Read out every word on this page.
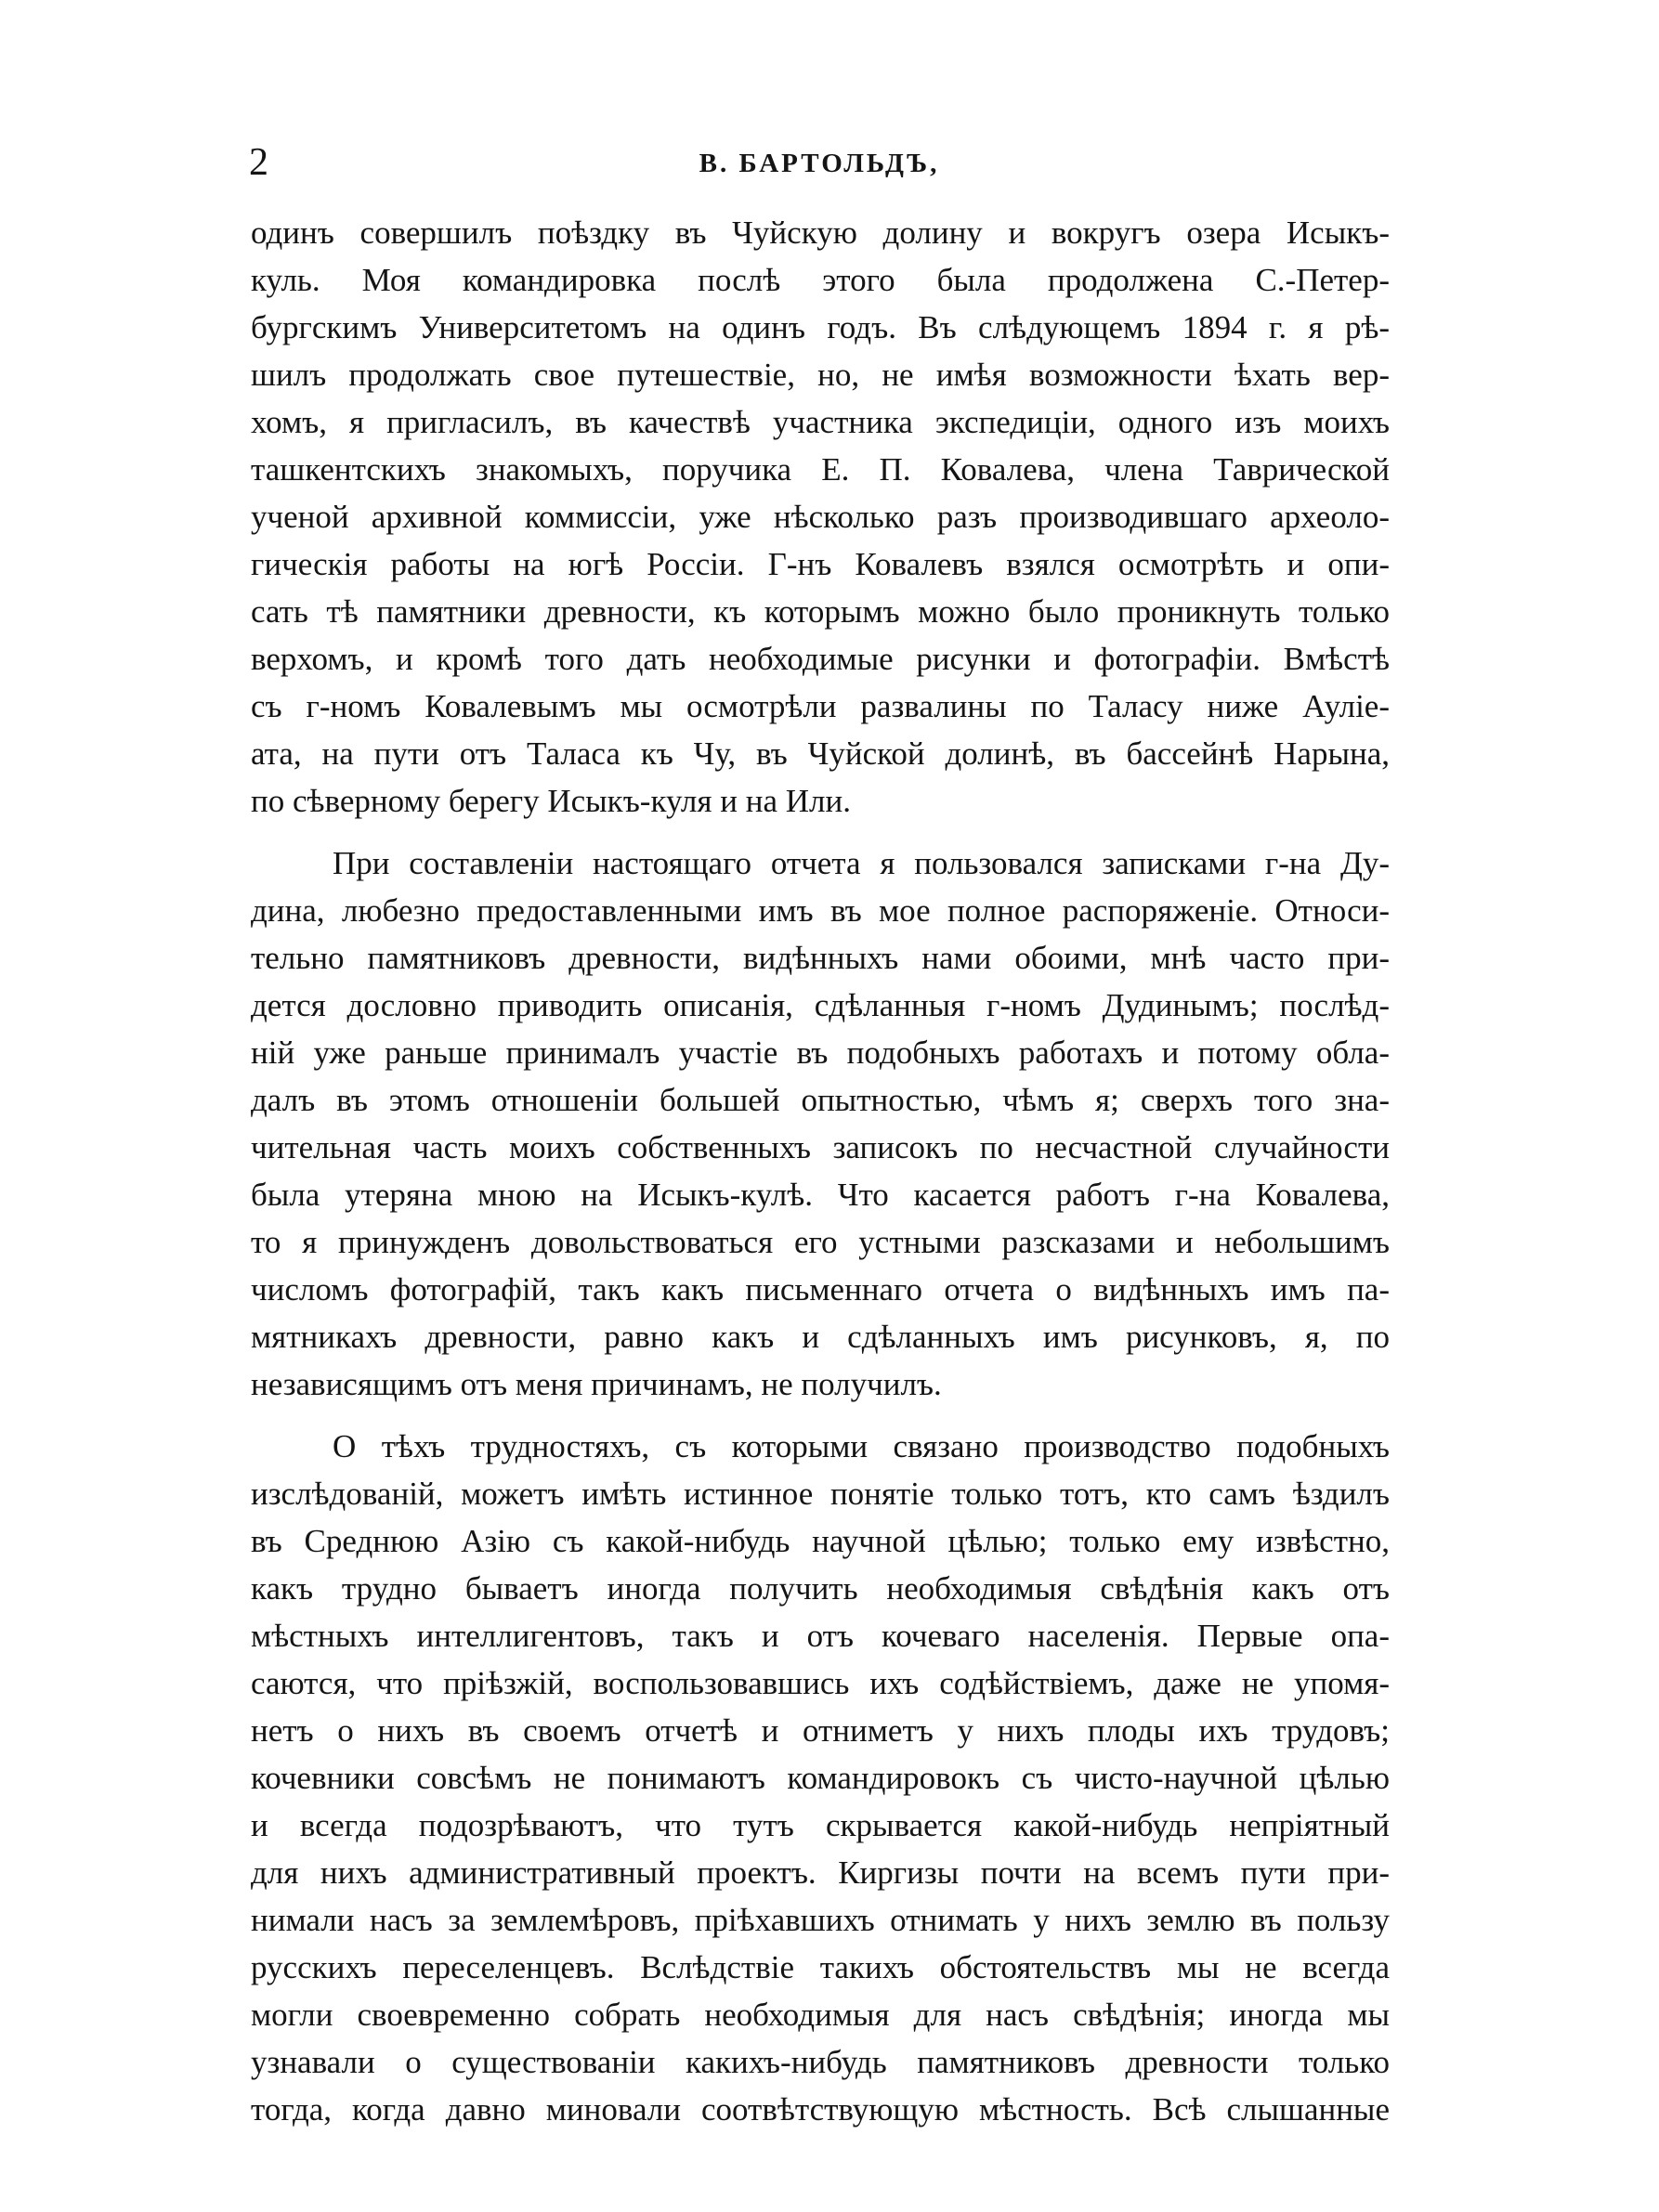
2	В. БАРТОЛЬДЪ,
одинъ совершилъ поѣздку въ Чуйскую долину и вокругъ озера Исыкъ-
куль. Моя командировка послѣ этого была продолжена С.-Петер-
бургскимъ Университетомъ на одинъ годъ. Въ слѣдующемъ 1894 г. я рѣ-
шилъ продолжать свое путешествіе, но, не имѣя возможности ѣхать вер-
хомъ, я пригласилъ, въ качествѣ участника экспедиціи, одного изъ моихъ
ташкентскихъ знакомыхъ, поручика Е. П. Ковалева, члена Таврической
ученой архивной коммиссіи, уже нѣсколько разъ производившаго археоло-
гическія работы на югѣ Россіи. Г-нъ Ковалевъ взялся осмотрѣть и опи-
сать тѣ памятники древности, къ которымъ можно было проникнуть только
верхомъ, и кромѣ того дать необходимые рисунки и фотографіи. Вмѣстѣ
съ г-номъ Ковалевымъ мы осмотрѣли развалины по Таласу ниже Ауліе-
ата, на пути отъ Таласа къ Чу, въ Чуйской долинѣ, въ бассейнѣ Нарына,
по сѣверному берегу Исыкъ-куля и на Или.
При составленіи настоящаго отчета я пользовался записками г-на Ду-
дина, любезно предоставленными имъ въ мое полное распоряженіе. Относи-
тельно памятниковъ древности, видѣнныхъ нами обоими, мнѣ часто при-
дется дословно приводить описанія, сдѣланныя г-номъ Дудинымъ; послѣд-
ній уже раньше принималъ участіе въ подобныхъ работахъ и потому обла-
далъ въ этомъ отношеніи большей опытностью, чѣмъ я; сверхъ того зна-
чительная часть моихъ собственныхъ записокъ по несчастной случайности
была утеряна мною на Исыкъ-кулѣ. Что касается работъ г-на Ковалева,
то я принужденъ довольствоваться его устными разсказами и небольшимъ
числомъ фотографій, такъ какъ письменнаго отчета о видѣнныхъ имъ па-
мятникахъ древности, равно какъ и сдѣланныхъ имъ рисунковъ, я, по
независящимъ отъ меня причинамъ, не получилъ.
О тѣхъ трудностяхъ, съ которыми связано производство подобныхъ
изслѣдованій, можетъ имѣть истинное понятіе только тотъ, кто самъ ѣздилъ
въ Среднюю Азію съ какой-нибудь научной цѣлью; только ему извѣстно,
какъ трудно бываетъ иногда получить необходимыя свѣдѣнія какъ отъ
мѣстныхъ интеллигентовъ, такъ и отъ кочеваго населенія. Первые опа-
саются, что пріѣзжій, воспользовавшись ихъ содѣйствіемъ, даже не упомя-
нетъ о нихъ въ своемъ отчетѣ и отниметъ у нихъ плоды ихъ трудовъ;
кочевники совсѣмъ не понимаютъ командировокъ съ чисто-научной цѣлью
и всегда подозрѣваютъ, что тутъ скрывается какой-нибудь непріятный
для нихъ административный проектъ. Киргизы почти на всемъ пути при-
нимали насъ за землемѣровъ, пріѣхавшихъ отнимать у нихъ землю въ пользу
русскихъ переселенцевъ. Вслѣдствіе такихъ обстоятельствъ мы не всегда
могли своевременно собрать необходимыя для насъ свѣдѣнія; иногда мы
узнавали о существованіи какихъ-нибудь памятниковъ древности только
тогда, когда давно миновали соотвѣтствующую мѣстность. Всѣ слышанные
